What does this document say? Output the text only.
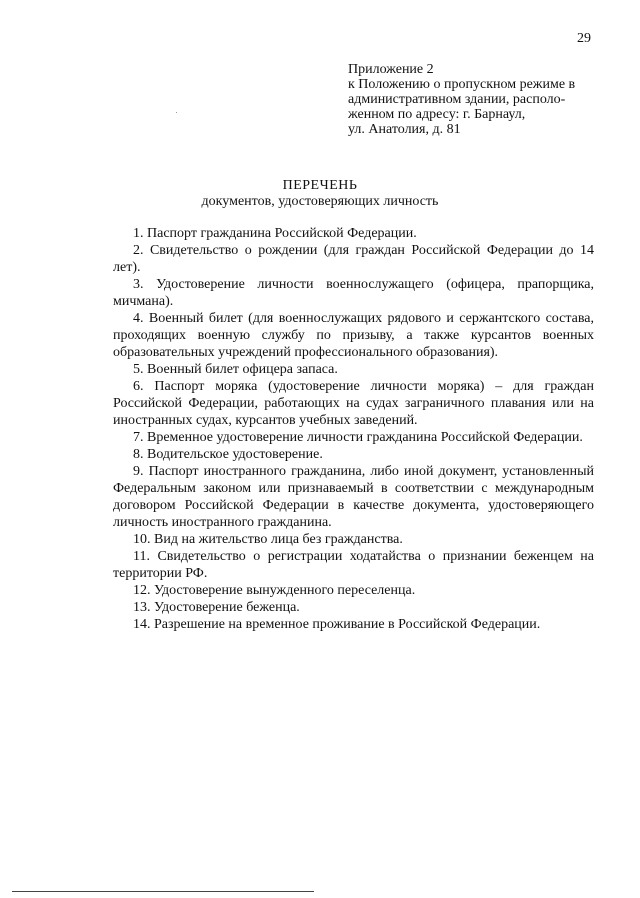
29
Приложение 2
к Положению о пропускном режиме в
административном здании, располо-
женном по адресу: г. Барнаул,
ул. Анатолия, д. 81
ПЕРЕЧЕНЬ
документов, удостоверяющих личность
1. Паспорт гражданина Российской Федерации.
2. Свидетельство о рождении (для граждан Российской Федерации до 14 лет).
3. Удостоверение личности военнослужащего (офицера, прапорщика, мичмана).
4. Военный билет (для военнослужащих рядового и сержантского состава, проходящих военную службу по призыву, а также курсантов военных образовательных учреждений профессионального образования).
5. Военный билет офицера запаса.
6. Паспорт моряка (удостоверение личности моряка) – для граждан Российской Федерации, работающих на судах заграничного плавания или на иностранных судах, курсантов учебных заведений.
7. Временное удостоверение личности гражданина Российской Федерации.
8. Водительское удостоверение.
9. Паспорт иностранного гражданина, либо иной документ, установленный Федеральным законом или признаваемый в соответствии с международным договором Российской Федерации в качестве документа, удостоверяющего личность иностранного гражданина.
10. Вид на жительство лица без гражданства.
11. Свидетельство о регистрации ходатайства о признании беженцем на территории РФ.
12. Удостоверение вынужденного переселенца.
13. Удостоверение беженца.
14. Разрешение на временное проживание в Российской Федерации.
